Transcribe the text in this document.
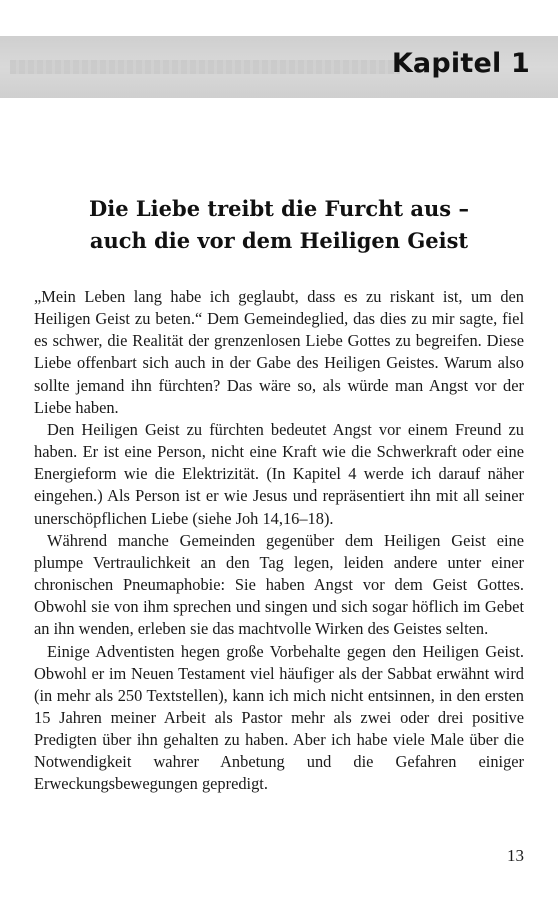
Kapitel 1
Die Liebe treibt die Furcht aus –
auch die vor dem Heiligen Geist

„Mein Leben lang habe ich geglaubt, dass es zu riskant ist, um den Heiligen Geist zu beten.“ Dem Gemeindeglied, das dies zu mir sagte, fiel es schwer, die Realität der grenzenlosen Liebe Gottes zu begreifen. Diese Liebe offenbart sich auch in der Gabe des Heiligen Geistes. Warum also sollte jemand ihn fürchten? Das wäre so, als würde man Angst vor der Liebe haben.

Den Heiligen Geist zu fürchten bedeutet Angst vor einem Freund zu haben. Er ist eine Person, nicht eine Kraft wie die Schwerkraft oder eine Energieform wie die Elektrizität. (In Kapitel 4 werde ich darauf näher eingehen.) Als Person ist er wie Jesus und repräsentiert ihn mit all seiner unerschöpflichen Liebe (siehe Joh 14,16–18).

Während manche Gemeinden gegenüber dem Heiligen Geist eine plumpe Vertraulichkeit an den Tag legen, leiden andere unter einer chronischen Pneumaphobie: Sie haben Angst vor dem Geist Gottes. Obwohl sie von ihm sprechen und singen und sich sogar höflich im Gebet an ihn wenden, erleben sie das machtvolle Wirken des Geistes selten.

Einige Adventisten hegen große Vorbehalte gegen den Heiligen Geist. Obwohl er im Neuen Testament viel häufiger als der Sabbat erwähnt wird (in mehr als 250 Textstellen), kann ich mich nicht entsinnen, in den ersten 15 Jahren meiner Arbeit als Pastor mehr als zwei oder drei positive Predigten über ihn gehalten zu haben. Aber ich habe viele Male über die Notwendigkeit wahrer Anbetung und die Gefahren einiger Erweckungsbewegungen gepredigt.

13
